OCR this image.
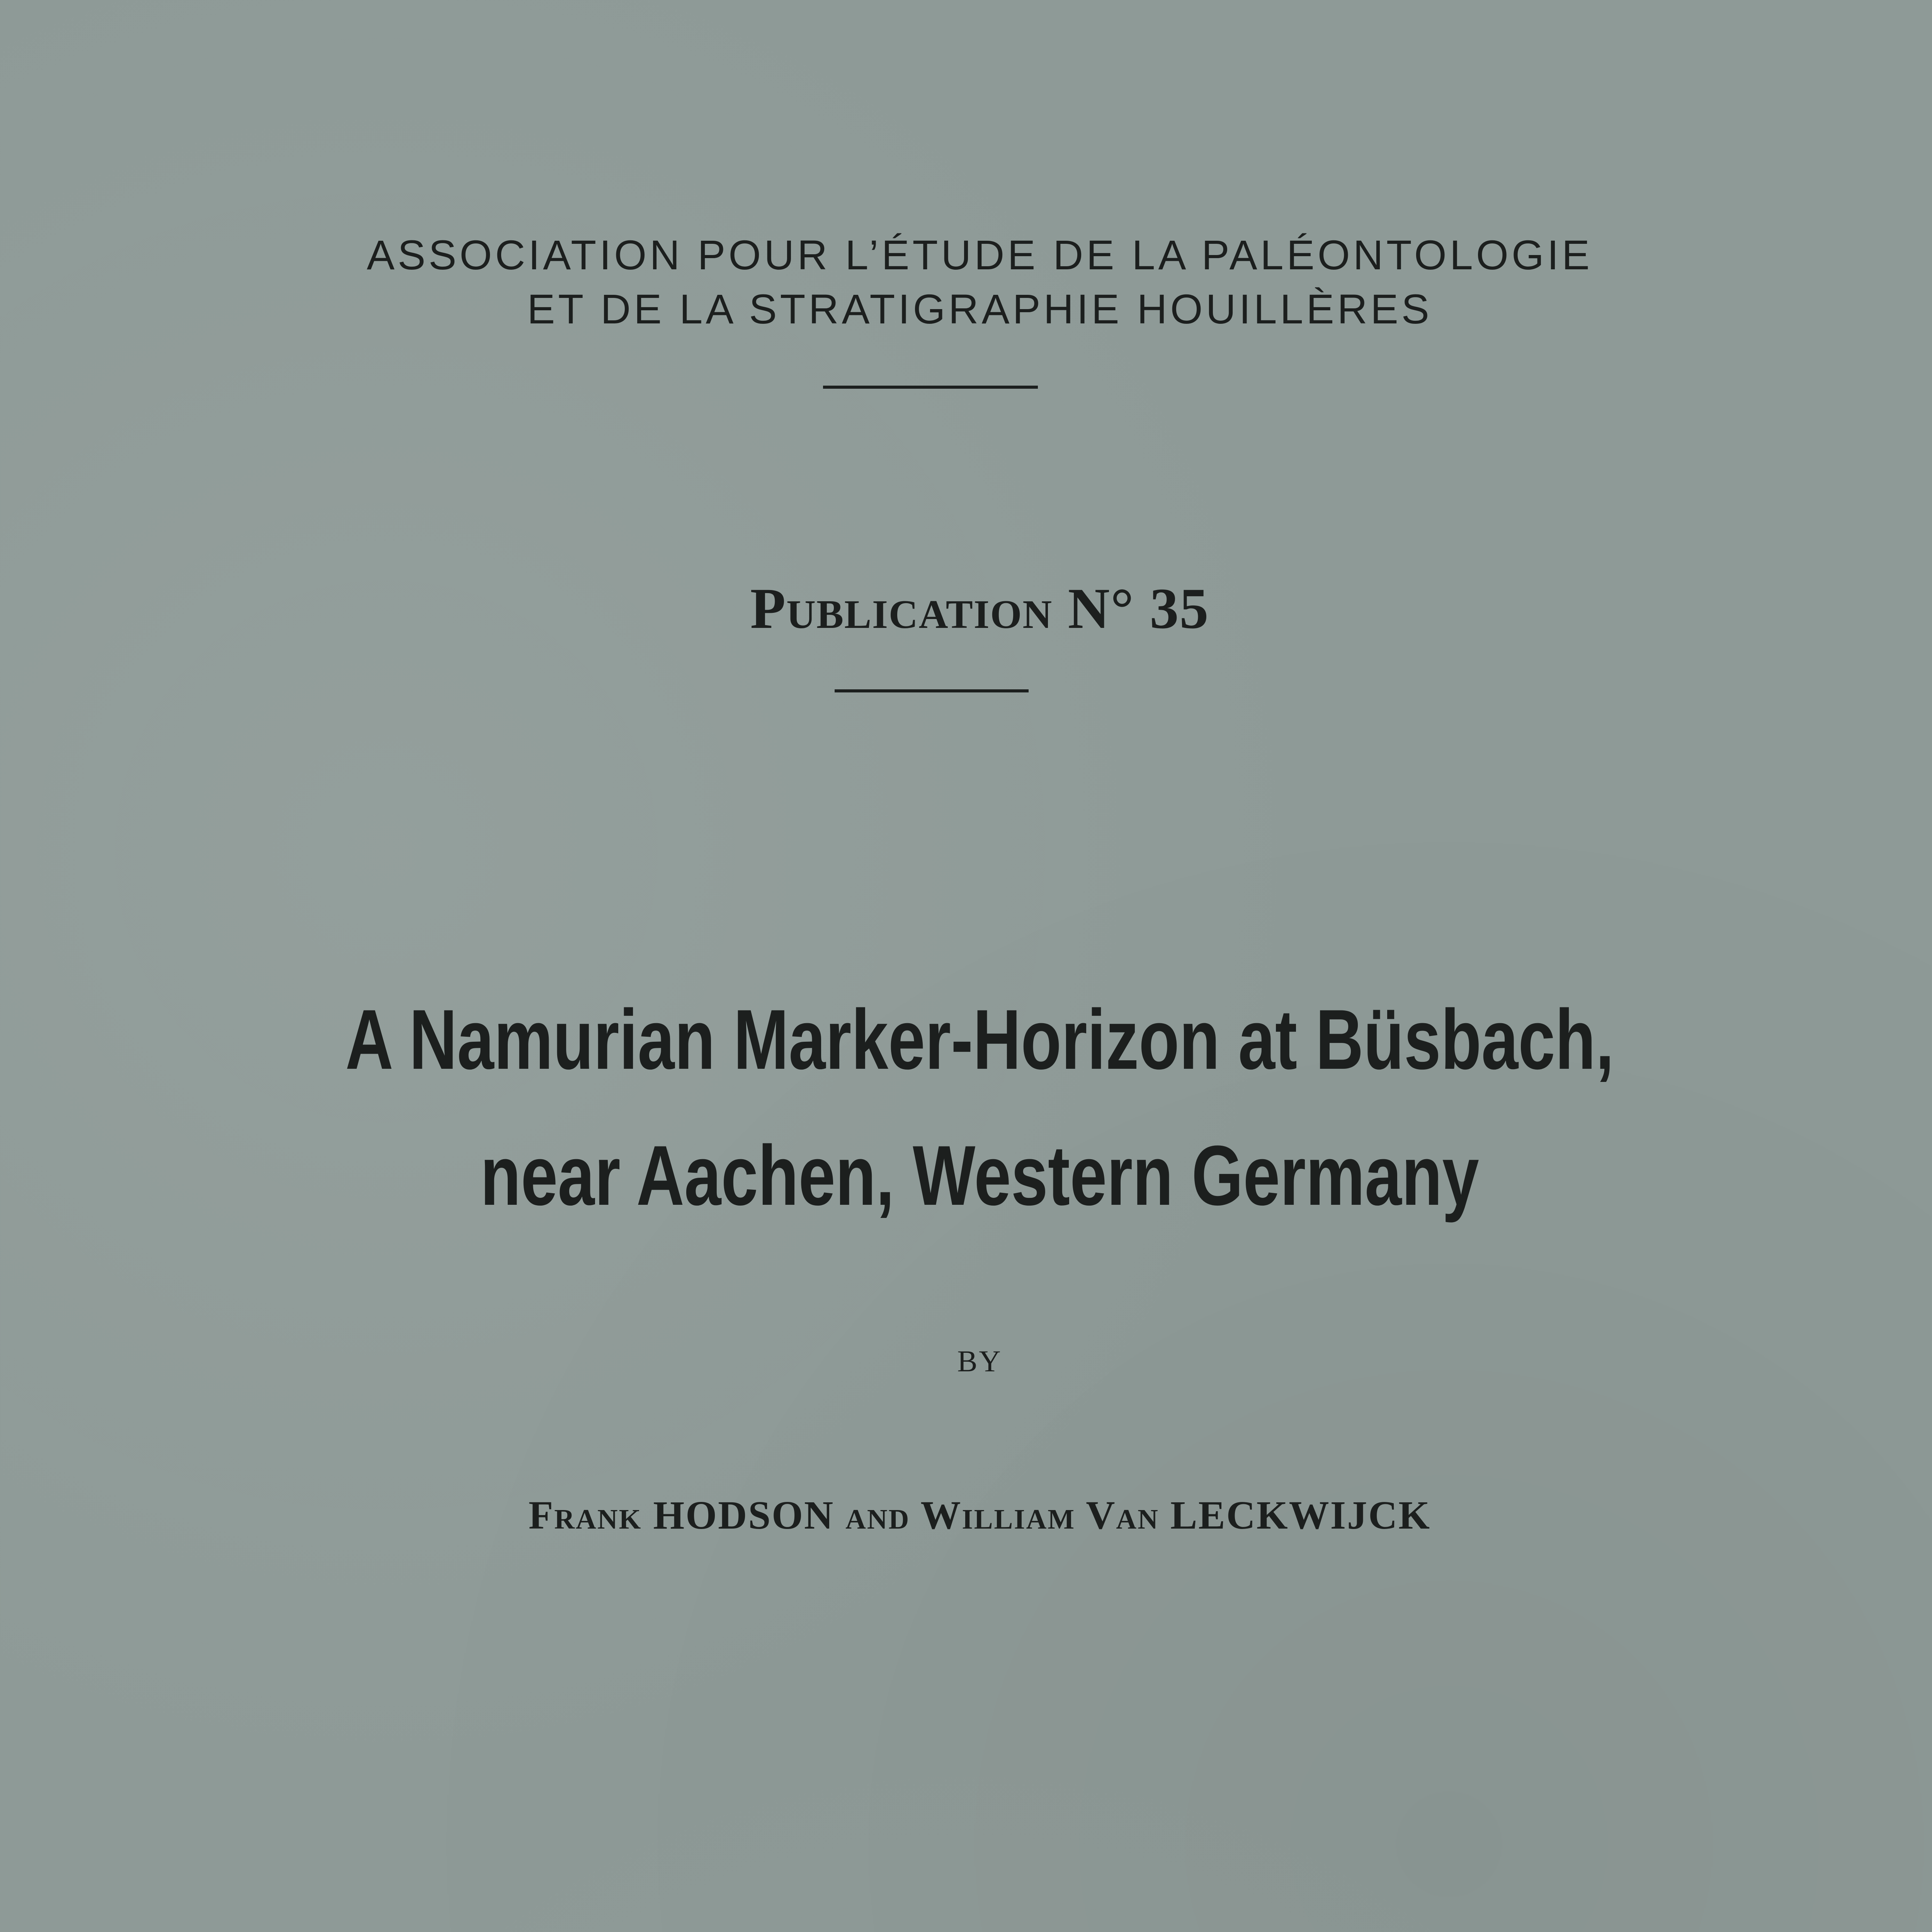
ASSOCIATION POUR L’ÉTUDE DE LA PALÉONTOLOGIE
ET DE LA STRATIGRAPHIE HOUILLÈRES
Publication N° 35
A Namurian Marker-Horizon at Büsbach,
near Aachen, Western Germany
BY
Frank HODSON and William Van LECKWIJCK
